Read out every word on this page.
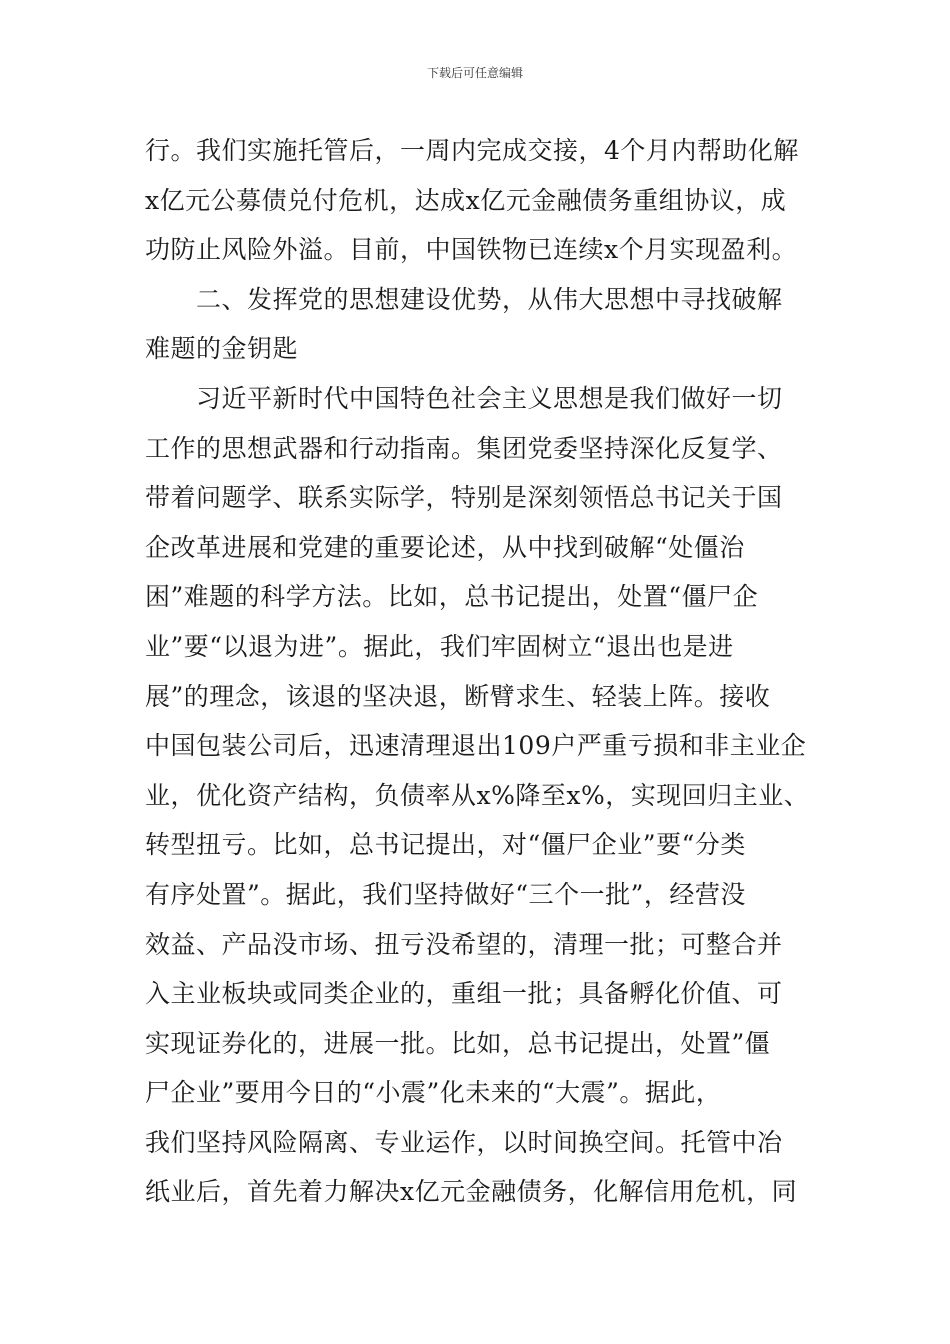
下载后可任意编辑
行。我们实施托管后，一周内完成交接，4个月内帮助化解
x亿元公募债兑付危机，达成x亿元金融债务重组协议，成
功防止风险外溢。目前，中国铁物已连续x个月实现盈利。
　　二、发挥党的思想建设优势，从伟大思想中寻找破解
难题的金钥匙
　　习近平新时代中国特色社会主义思想是我们做好一切
工作的思想武器和行动指南。集团党委坚持深化反复学、
带着问题学、联系实际学，特别是深刻领悟总书记关于国
企改革进展和党建的重要论述，从中找到破解“处僵治
困”难题的科学方法。比如，总书记提出，处置“僵尸企
业”要“以退为进”。据此，我们牢固树立“退出也是进
展”的理念，该退的坚决退，断臂求生、轻装上阵。接收
中国包装公司后，迅速清理退出109户严重亏损和非主业企
业，优化资产结构，负债率从x%降至x%，实现回归主业、
转型扭亏。比如，总书记提出，对“僵尸企业”要“分类
有序处置”。据此，我们坚持做好“三个一批”，经营没
效益、产品没市场、扭亏没希望的，清理一批；可整合并
入主业板块或同类企业的，重组一批；具备孵化价值、可
实现证券化的，进展一批。比如，总书记提出，处置”僵
尸企业”要用今日的“小震”化未来的“大震”。据此，
我们坚持风险隔离、专业运作，以时间换空间。托管中冶
纸业后，首先着力解决x亿元金融债务，化解信用危机，同
